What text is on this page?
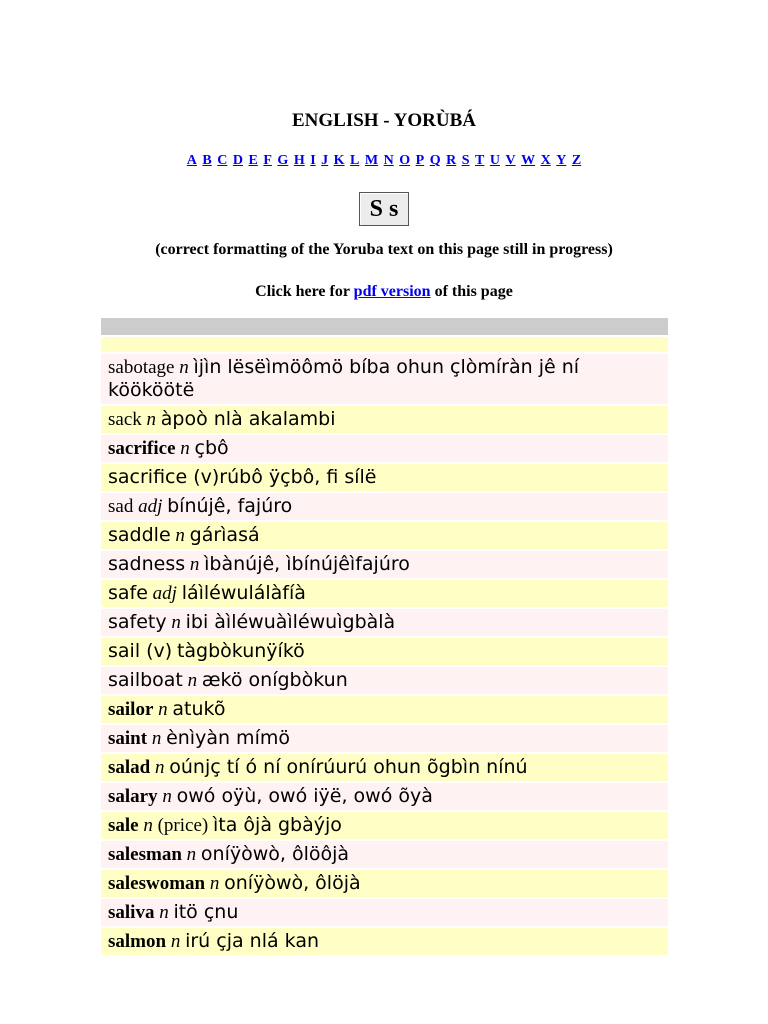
ENGLISH - YORÙBÁ
A B C D E F G H I J K L M N O P Q R S T U V W X Y Z
S s
(correct formatting of the Yoruba text on this page still in progress)
Click here for pdf version of this page
sabotage n ìjìn lësëìmöômö bíba ohun çlòmíràn jê ní köököötë
sack n àpoò nlà akalambi
sacrifice n çbô
sacrifice (v)rúbô ÿçbô, fi sílë
sad adj bínújê, fajúro
saddle n gárìasá
sadness n ìbànújê, ìbínújêìfajúro
safe adj láìléwulálàfíà
safety n ibi àìléwuàìléwuìgbàlà
sail (v) tàgbòkunÿíkö
sailboat n ækö onígbòkun
sailor n atukõ
saint n ènìyàn mímö
salad n oúnjç tí ó ní onírúurú ohun õgbìn nínú
salary n owó oÿù, owó iÿë, owó õyà
sale n (price) ìta ôjà gbàýjo
salesman n oníÿòwò, ôlöôjà
saleswoman n oníÿòwò, ôlöjà
saliva n itö çnu
salmon n irú çja nlá kan
